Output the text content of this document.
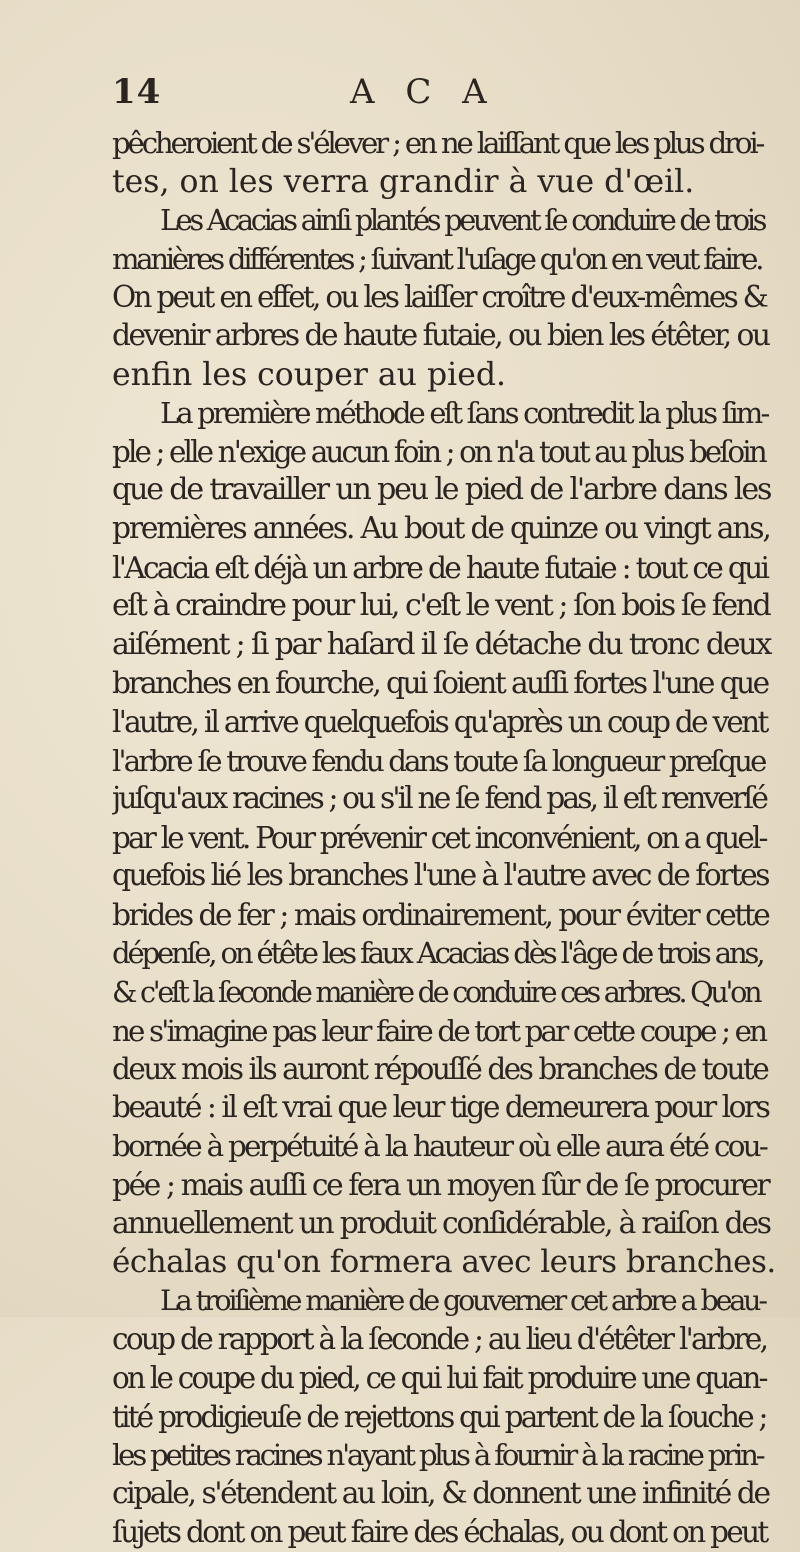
14	A C A
pêcheroient de s'élever ; en ne laiſſant que les plus droi-
tes, on les verra grandir à vue d'œil.
Les Acacias ainſi plantés peuvent ſe conduire de trois
manières différentes ; ſuivant l'uſage qu'on en veut faire.
On peut en effet, ou les laiſſer croître d'eux-mêmes &
devenir arbres de haute futaie, ou bien les étêter, ou
enfin les couper au pied.
La première méthode eſt ſans contredit la plus ſim-
ple ; elle n'exige aucun foin ; on n'a tout au plus beſoin
que de travailler un peu le pied de l'arbre dans les
premières années. Au bout de quinze ou vingt ans,
l'Acacia eſt déjà un arbre de haute futaie : tout ce qui
eſt à craindre pour lui, c'eſt le vent ; ſon bois ſe fend
aiſément ; ſi par haſard il ſe détache du tronc deux
branches en fourche, qui ſoient auſſi fortes l'une que
l'autre, il arrive quelquefois qu'après un coup de vent
l'arbre ſe trouve fendu dans toute ſa longueur preſque
juſqu'aux racines ; ou s'il ne ſe fend pas, il eſt renverſé
par le vent. Pour prévenir cet inconvénient, on a quel-
quefois lié les branches l'une à l'autre avec de fortes
brides de fer ; mais ordinairement, pour éviter cette
dépenſe, on étête les faux Acacias dès l'âge de trois ans,
& c'eſt la ſeconde manière de conduire ces arbres. Qu'on
ne s'imagine pas leur faire de tort par cette coupe ; en
deux mois ils auront répouſſé des branches de toute
beauté : il eſt vrai que leur tige demeurera pour lors
bornée à perpétuité à la hauteur où elle aura été cou-
pée ; mais auſſi ce fera un moyen ſûr de ſe procurer
annuellement un produit conſidérable, à raiſon des
échalas qu'on formera avec leurs branches.
La troiſième manière de gouverner cet arbre a beau-
coup de rapport à la ſeconde ; au lieu d'étêter l'arbre,
on le coupe du pied, ce qui lui fait produire une quan-
tité prodigieuſe de rejettons qui partent de la ſouche ;
les petites racines n'ayant plus à fournir à la racine prin-
cipale, s'étendent au loin, & donnent une infinité de
ſujets dont on peut faire des échalas, ou dont on peut
